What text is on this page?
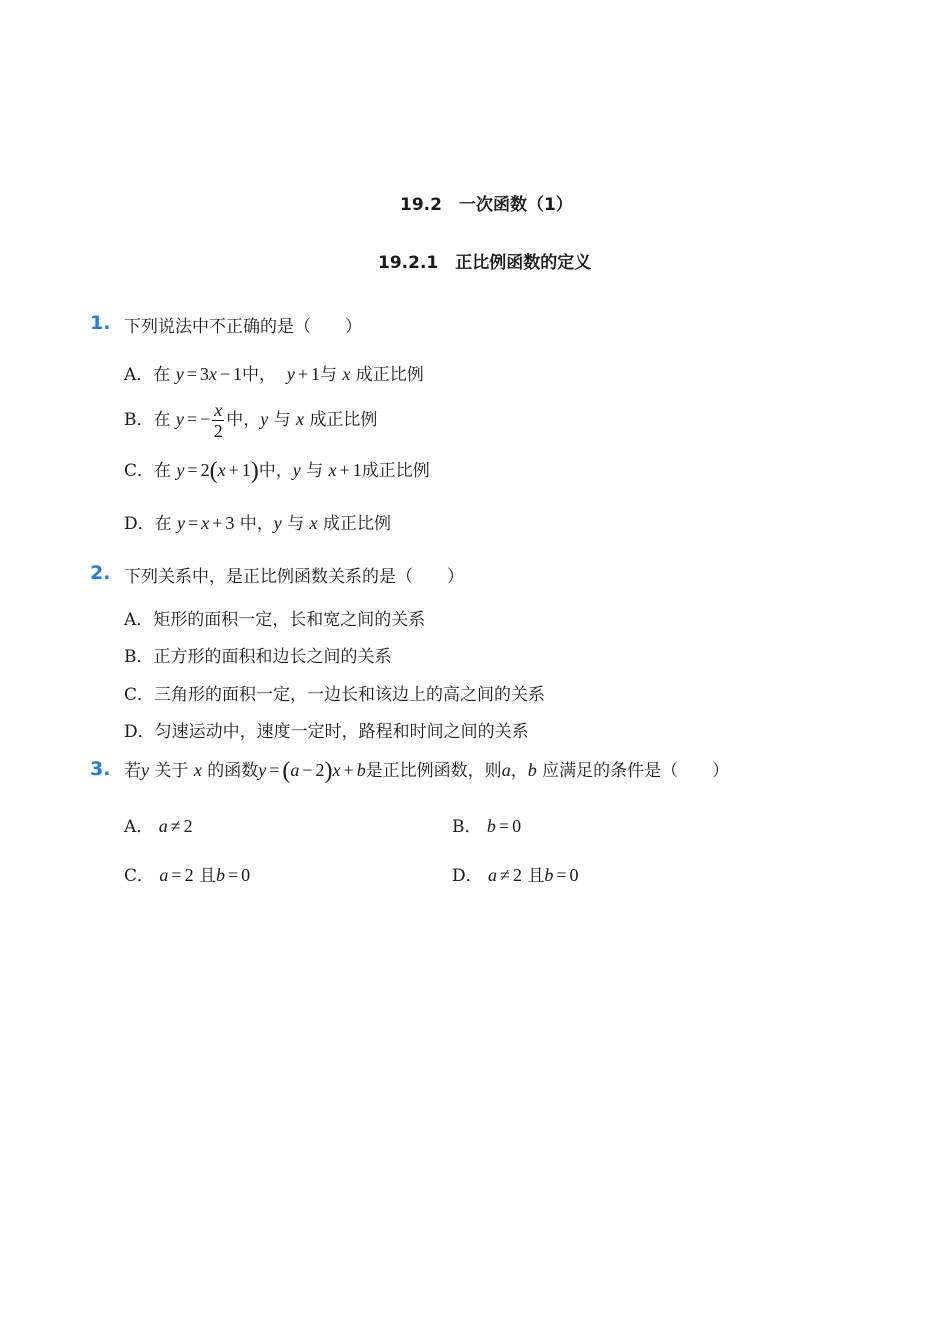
19.2　一次函数（1）
19.2.1　正比例函数的定义
1. 下列说法中不正确的是（　　）
A．在 y = 3x − 1中， y + 1与 x 成正比例
B．在 y = − $\frac{x}{2}$ 中，y 与 x 成正比例
C．在 y = 2(x + 1)中，y 与 x + 1成正比例
D．在 y = x + 3 中，y 与 x 成正比例
2. 下列关系中，是正比例函数关系的是（　　）
A．矩形的面积一定，长和宽之间的关系
B．正方形的面积和边长之间的关系
C．三角形的面积一定，一边长和该边上的高之间的关系
D．匀速运动中，速度一定时，路程和时间之间的关系
3. 若y 关于 x 的函数y = (a − 2)x + b是正比例函数，则a，b 应满足的条件是（　　）
A． a ≠ 2	B． b = 0
C． a = 2 且b = 0	D． a ≠ 2 且b = 0
